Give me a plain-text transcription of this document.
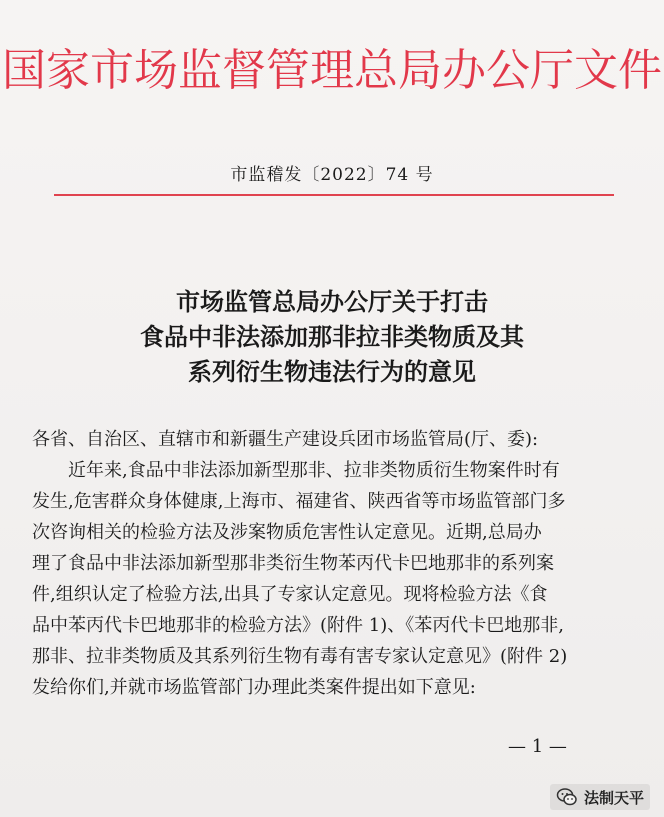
国家市场监督管理总局办公厅文件
市监稽发〔2022〕74 号
市场监管总局办公厅关于打击
食品中非法添加那非拉非类物质及其
系列衍生物违法行为的意见
各省、自治区、直辖市和新疆生产建设兵团市场监管局(厅、委):
近年来,食品中非法添加新型那非、拉非类物质衍生物案件时有
发生,危害群众身体健康,上海市、福建省、陕西省等市场监管部门多
次咨询相关的检验方法及涉案物质危害性认定意见。近期,总局办
理了食品中非法添加新型那非类衍生物苯丙代卡巴地那非的系列案
件,组织认定了检验方法,出具了专家认定意见。现将检验方法《食
品中苯丙代卡巴地那非的检验方法》(附件 1)、《苯丙代卡巴地那非,
那非、拉非类物质及其系列衍生物有毒有害专家认定意见》(附件 2)
发给你们,并就市场监管部门办理此类案件提出如下意见:
— 1 —
法制天平
